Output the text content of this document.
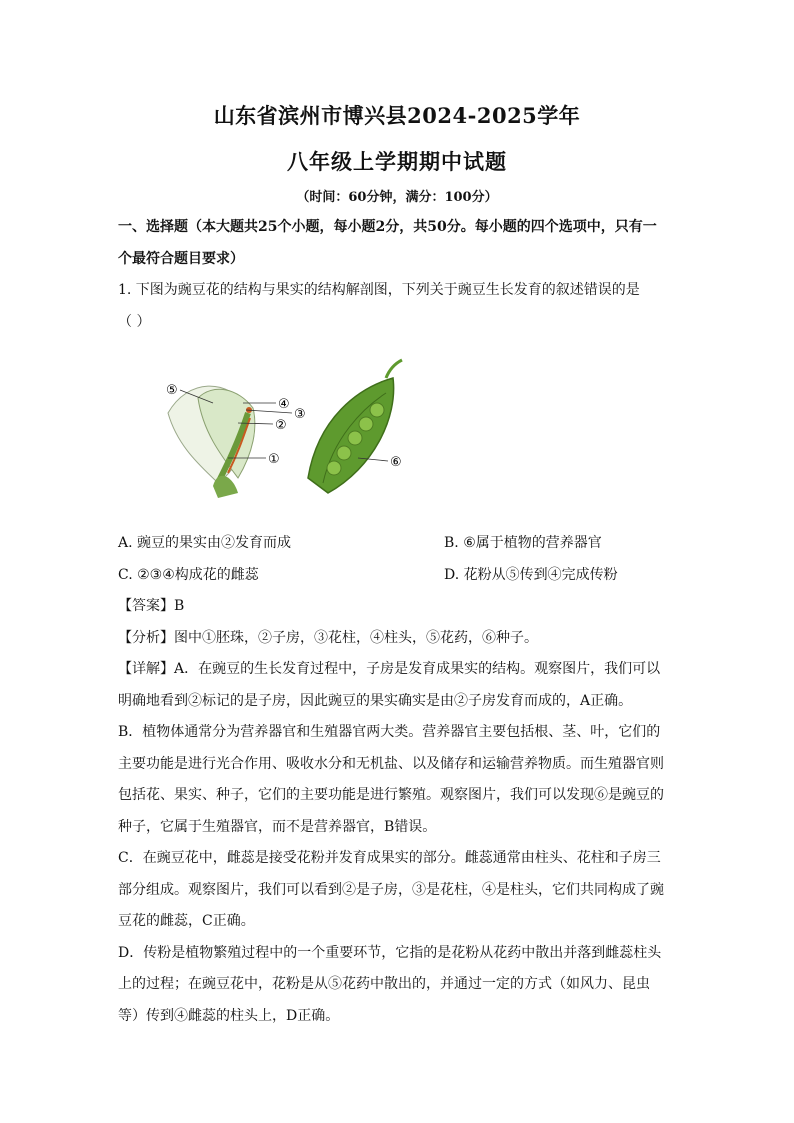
山东省滨州市博兴县2024-2025学年
八年级上学期期中试题
（时间：60分钟，满分：100分）

一、选择题（本大题共25个小题，每小题2分，共50分。每小题的四个选项中，只有一

个最符合题目要求）

1. 下图为豌豆花的结构与果实的结构解剖图，下列关于豌豆生长发育的叙述错误的是

（ ）

⑤
④
③
②
①	⑥
A. 豌豆的果实由②发育而成	B. ⑥属于植物的营养器官
C. ②③④构成花的雌蕊	D. 花粉从⑤传到④完成传粉

【答案】B

【分析】图中①胚珠，②子房，③花柱，④柱头，⑤花药，⑥种子。

【详解】A．在豌豆的生长发育过程中，子房是发育成果实的结构。观察图片，我们可以

明确地看到②标记的是子房，因此豌豆的果实确实是由②子房发育而成的，A正确。

B．植物体通常分为营养器官和生殖器官两大类。营养器官主要包括根、茎、叶，它们的

主要功能是进行光合作用、吸收水分和无机盐、以及储存和运输营养物质。而生殖器官则

包括花、果实、种子，它们的主要功能是进行繁殖。观察图片，我们可以发现⑥是豌豆的

种子，它属于生殖器官，而不是营养器官，B错误。

C．在豌豆花中，雌蕊是接受花粉并发育成果实的部分。雌蕊通常由柱头、花柱和子房三

部分组成。观察图片，我们可以看到②是子房，③是花柱，④是柱头，它们共同构成了豌

豆花的雌蕊，C正确。

D．传粉是植物繁殖过程中的一个重要环节，它指的是花粉从花药中散出并落到雌蕊柱头

上的过程；在豌豆花中，花粉是从⑤花药中散出的，并通过一定的方式（如风力、昆虫

等）传到④雌蕊的柱头上，D正确。
